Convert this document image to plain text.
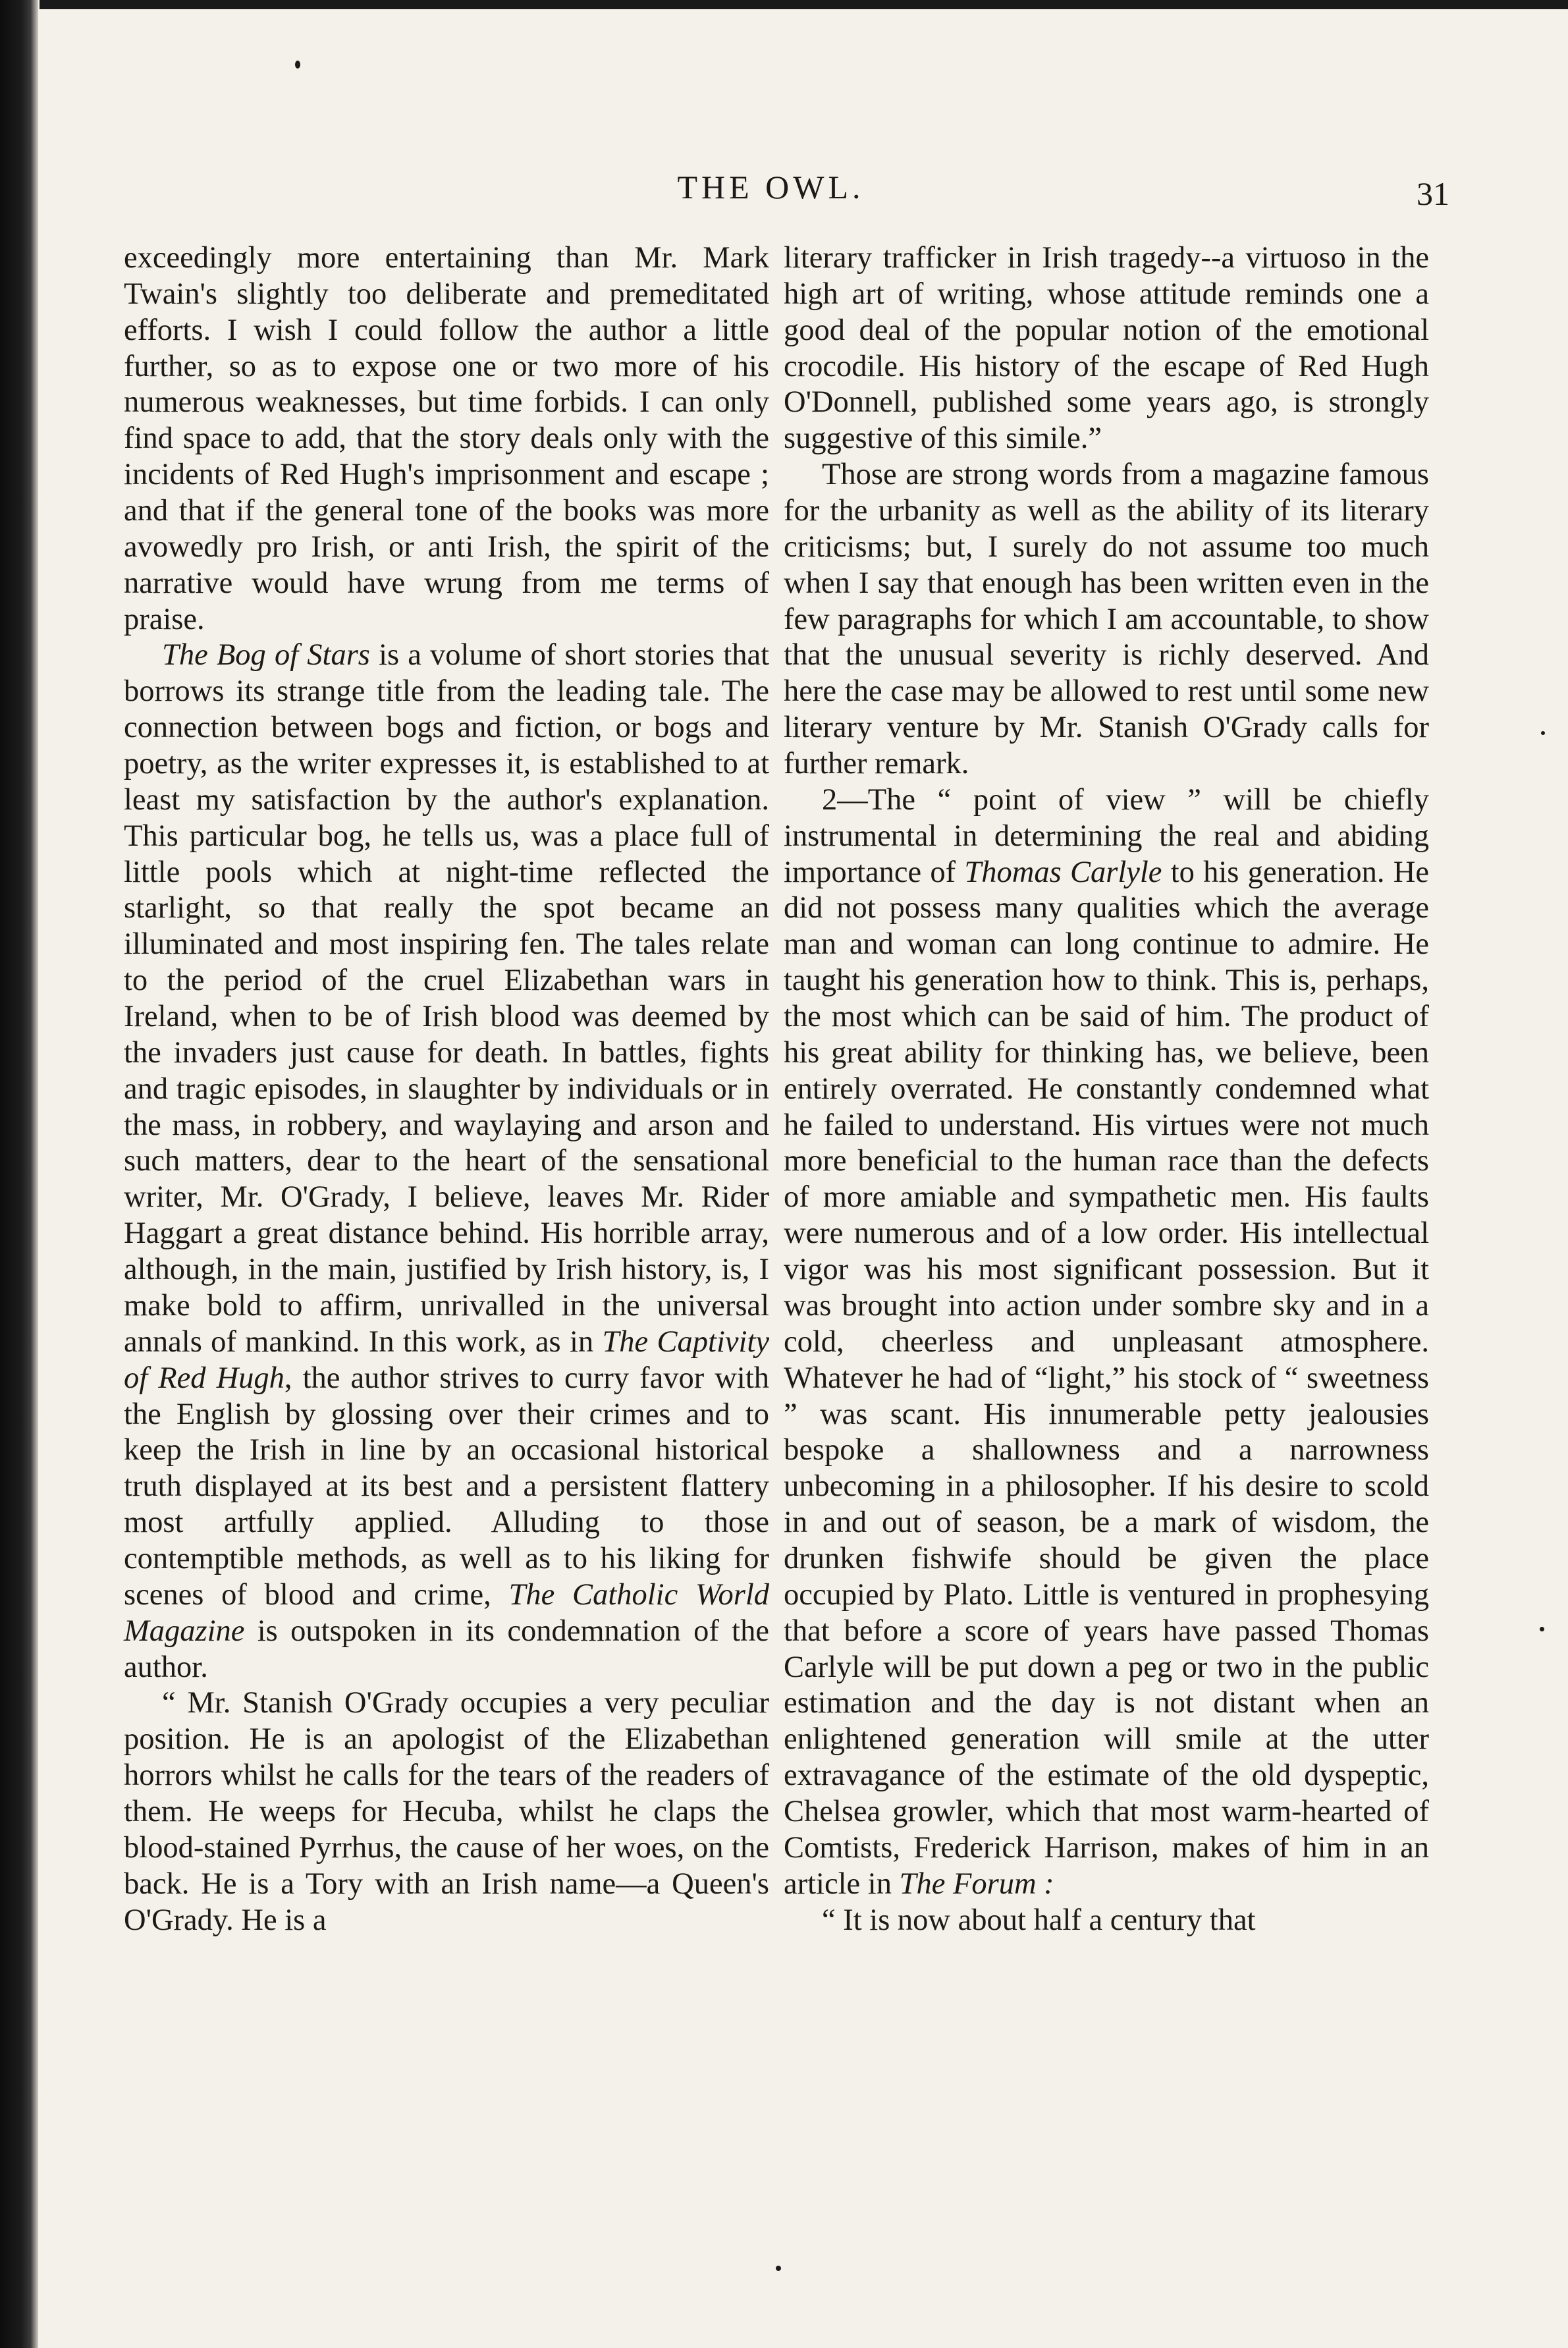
THE OWL.	31

exceedingly more entertaining than Mr. Mark Twain's slightly too deliberate and premeditated efforts. I wish I could follow the author a little further, so as to expose one or two more of his numerous weaknesses, but time forbids. I can only find space to add, that the story deals only with the incidents of Red Hugh's imprisonment and escape ; and that if the general tone of the books was more avowedly pro Irish, or anti Irish, the spirit of the narrative would have wrung from me terms of praise.

The Bog of Stars is a volume of short stories that borrows its strange title from the leading tale. The connection between bogs and fiction, or bogs and poetry, as the writer expresses it, is established to at least my satisfaction by the author's explanation. This particular bog, he tells us, was a place full of little pools which at night-time reflected the starlight, so that really the spot became an illuminated and most inspiring fen. The tales relate to the period of the cruel Elizabethan wars in Ireland, when to be of Irish blood was deemed by the invaders just cause for death. In battles, fights and tragic episodes, in slaughter by individuals or in the mass, in robbery, and waylaying and arson and such matters, dear to the heart of the sensational writer, Mr. O'Grady, I believe, leaves Mr. Rider Haggart a great distance behind. His horrible array, although, in the main, justified by Irish history, is, I make bold to affirm, unrivalled in the universal annals of mankind. In this work, as in The Captivity of Red Hugh, the author strives to curry favor with the English by glossing over their crimes and to keep the Irish in line by an occasional historical truth displayed at its best and a persistent flattery most artfully applied. Alluding to those contemptible methods, as well as to his liking for scenes of blood and crime, The Catholic World Magazine is outspoken in its condemnation of the author.

“ Mr. Stanish O'Grady occupies a very peculiar position. He is an apologist of the Elizabethan horrors whilst he calls for the tears of the readers of them. He weeps for Hecuba, whilst he claps the blood-stained Pyrrhus, the cause of her woes, on the back. He is a Tory with an Irish name—a Queen's O'Grady. He is a

literary trafficker in Irish tragedy--a virtuoso in the high art of writing, whose attitude reminds one a good deal of the popular notion of the emotional crocodile. His history of the escape of Red Hugh O'Donnell, published some years ago, is strongly suggestive of this simile.”

Those are strong words from a magazine famous for the urbanity as well as the ability of its literary criticisms; but, I surely do not assume too much when I say that enough has been written even in the few paragraphs for which I am accountable, to show that the unusual severity is richly deserved. And here the case may be allowed to rest until some new literary venture by Mr. Stanish O'Grady calls for further remark.

2—The “ point of view ” will be chiefly instrumental in determining the real and abiding importance of Thomas Carlyle to his generation. He did not possess many qualities which the average man and woman can long continue to admire. He taught his generation how to think. This is, perhaps, the most which can be said of him. The product of his great ability for thinking has, we believe, been entirely overrated. He constantly condemned what he failed to understand. His virtues were not much more beneficial to the human race than the defects of more amiable and sympathetic men. His faults were numerous and of a low order. His intellectual vigor was his most significant possession. But it was brought into action under sombre sky and in a cold, cheerless and unpleasant atmosphere. Whatever he had of “light,” his stock of “ sweetness ” was scant. His innumerable petty jealousies bespoke a shallowness and a narrowness unbecoming in a philosopher. If his desire to scold in and out of season, be a mark of wisdom, the drunken fishwife should be given the place occupied by Plato. Little is ventured in prophesying that before a score of years have passed Thomas Carlyle will be put down a peg or two in the public estimation and the day is not distant when an enlightened generation will smile at the utter extravagance of the estimate of the old dyspeptic, Chelsea growler, which that most warm-hearted of Comtists, Frederick Harrison, makes of him in an article in The Forum :

“ It is now about half a century that
